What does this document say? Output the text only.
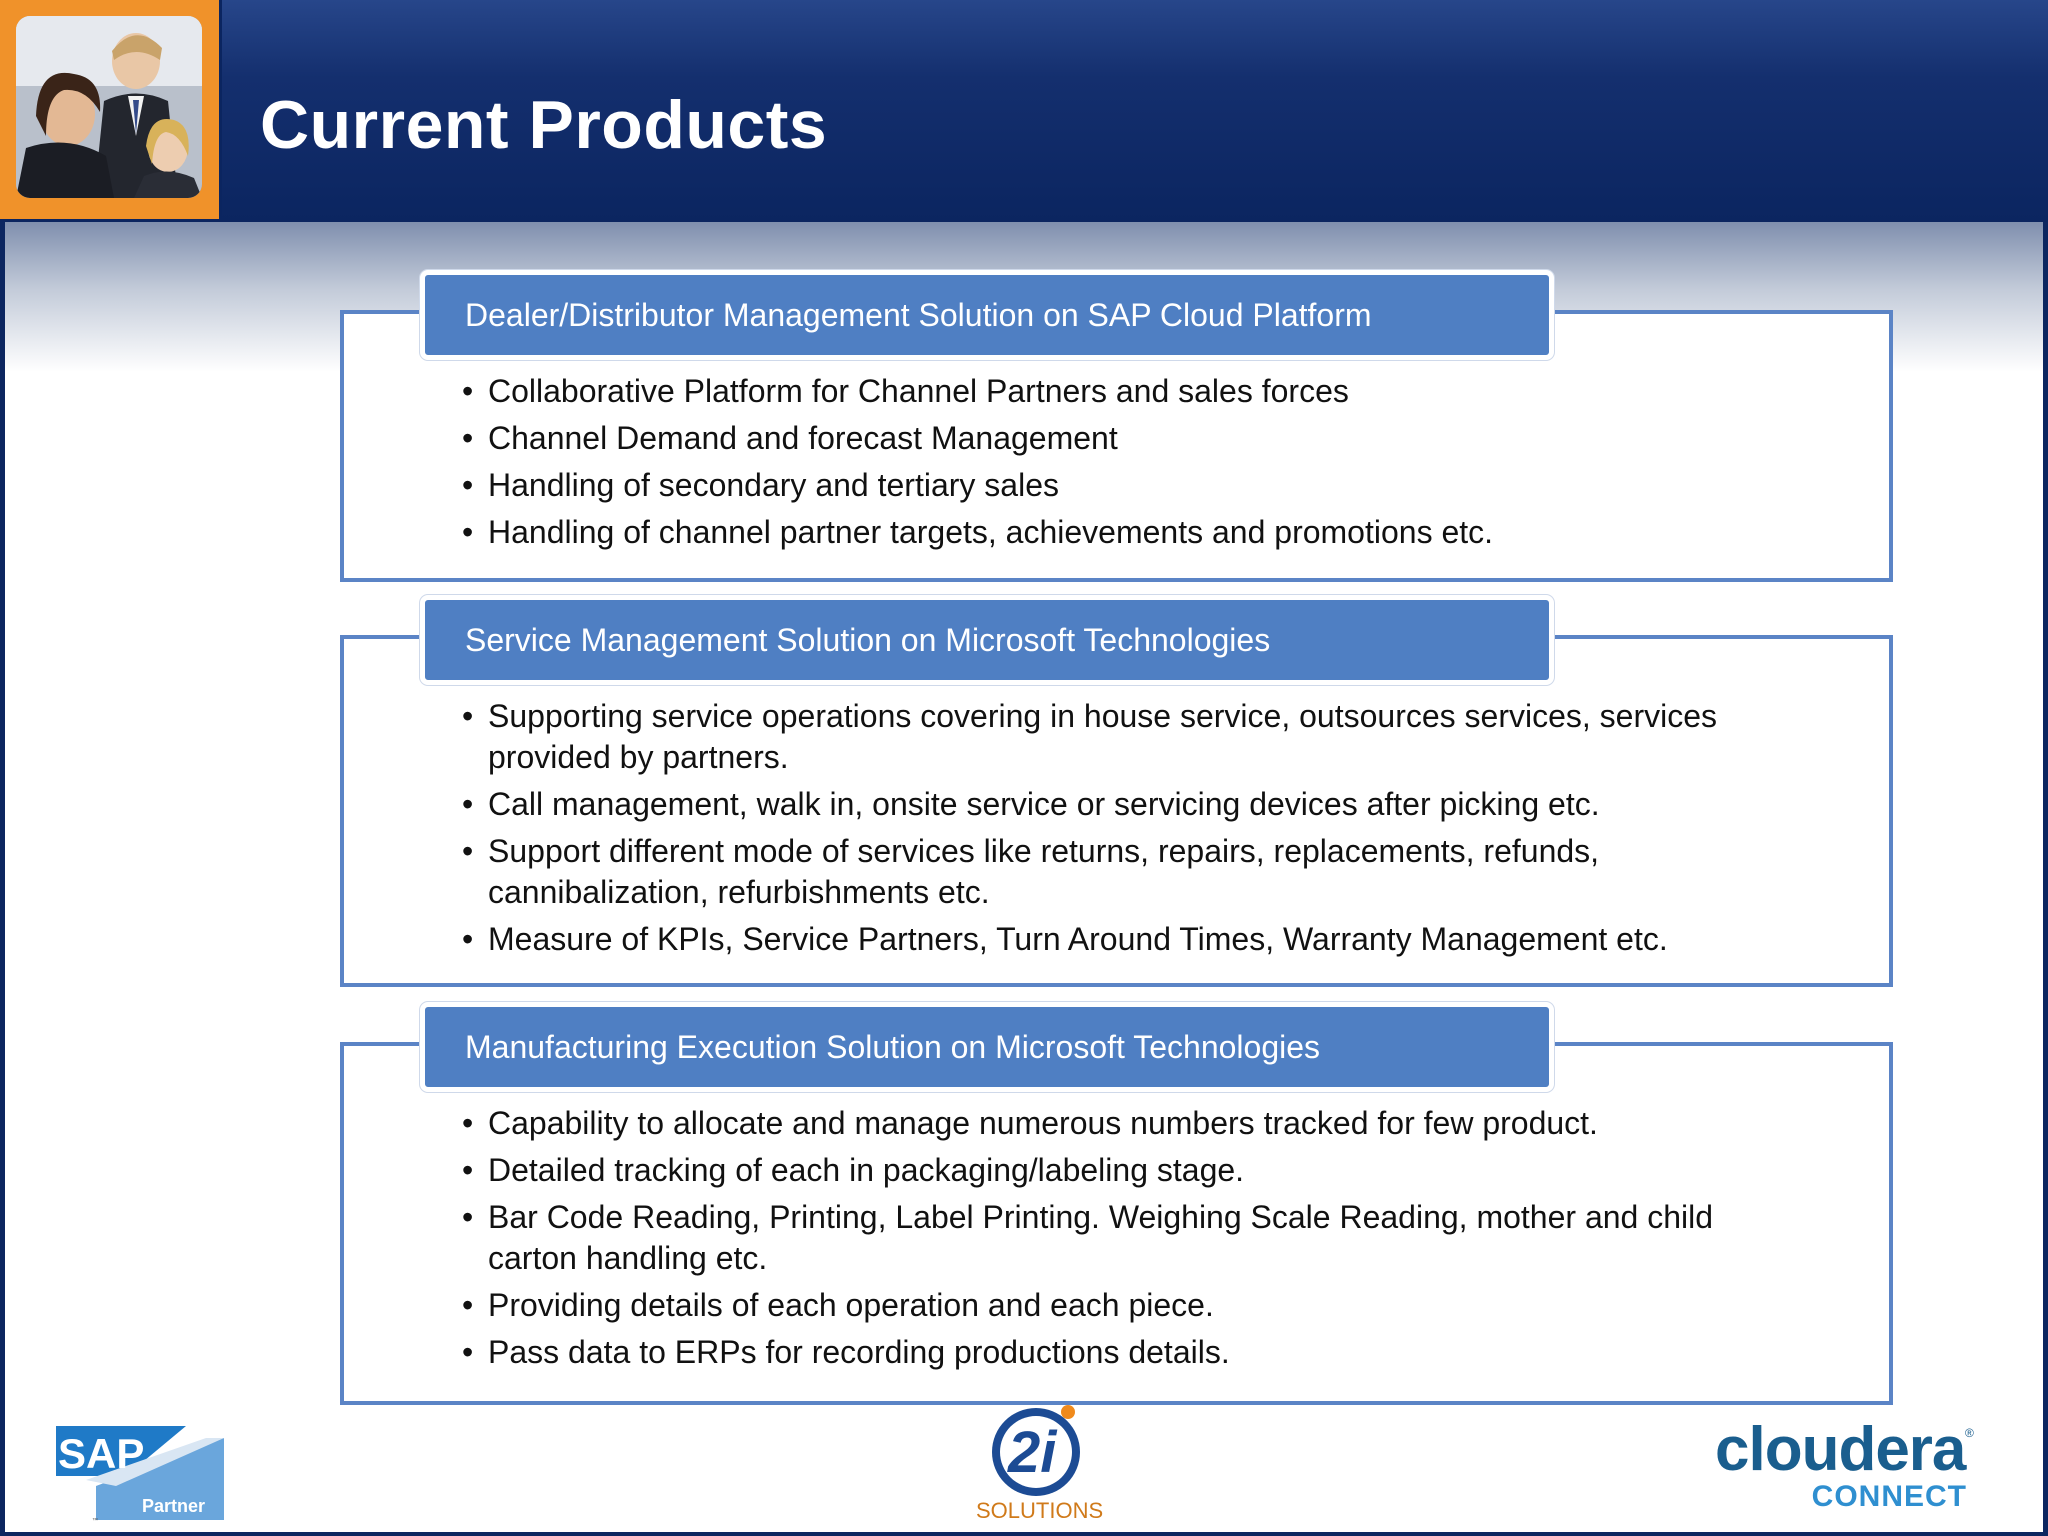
Current Products
Dealer/Distributor Management Solution on SAP Cloud Platform
• Collaborative Platform for Channel Partners and sales forces
• Channel Demand and forecast Management
• Handling of secondary and tertiary sales
• Handling of channel partner targets, achievements and promotions etc.
Service Management Solution on Microsoft Technologies
• Supporting service operations covering in house service, outsources services, services provided by partners.
• Call management, walk in, onsite service or servicing devices after picking etc.
• Support different mode of services like returns, repairs, replacements, refunds, cannibalization, refurbishments etc.
• Measure of KPIs, Service Partners, Turn Around Times, Warranty Management etc.
Manufacturing Execution Solution on Microsoft Technologies
• Capability to allocate and manage numerous numbers tracked for few product.
• Detailed tracking of each in packaging/labeling stage.
• Bar Code Reading, Printing, Label Printing. Weighing Scale Reading, mother and child carton handling etc.
• Providing details of each operation and each piece.
• Pass data to ERPs for recording productions details.
SAP
Partner
™
2i
SOLUTIONS
cloudera ®
CONNECT
